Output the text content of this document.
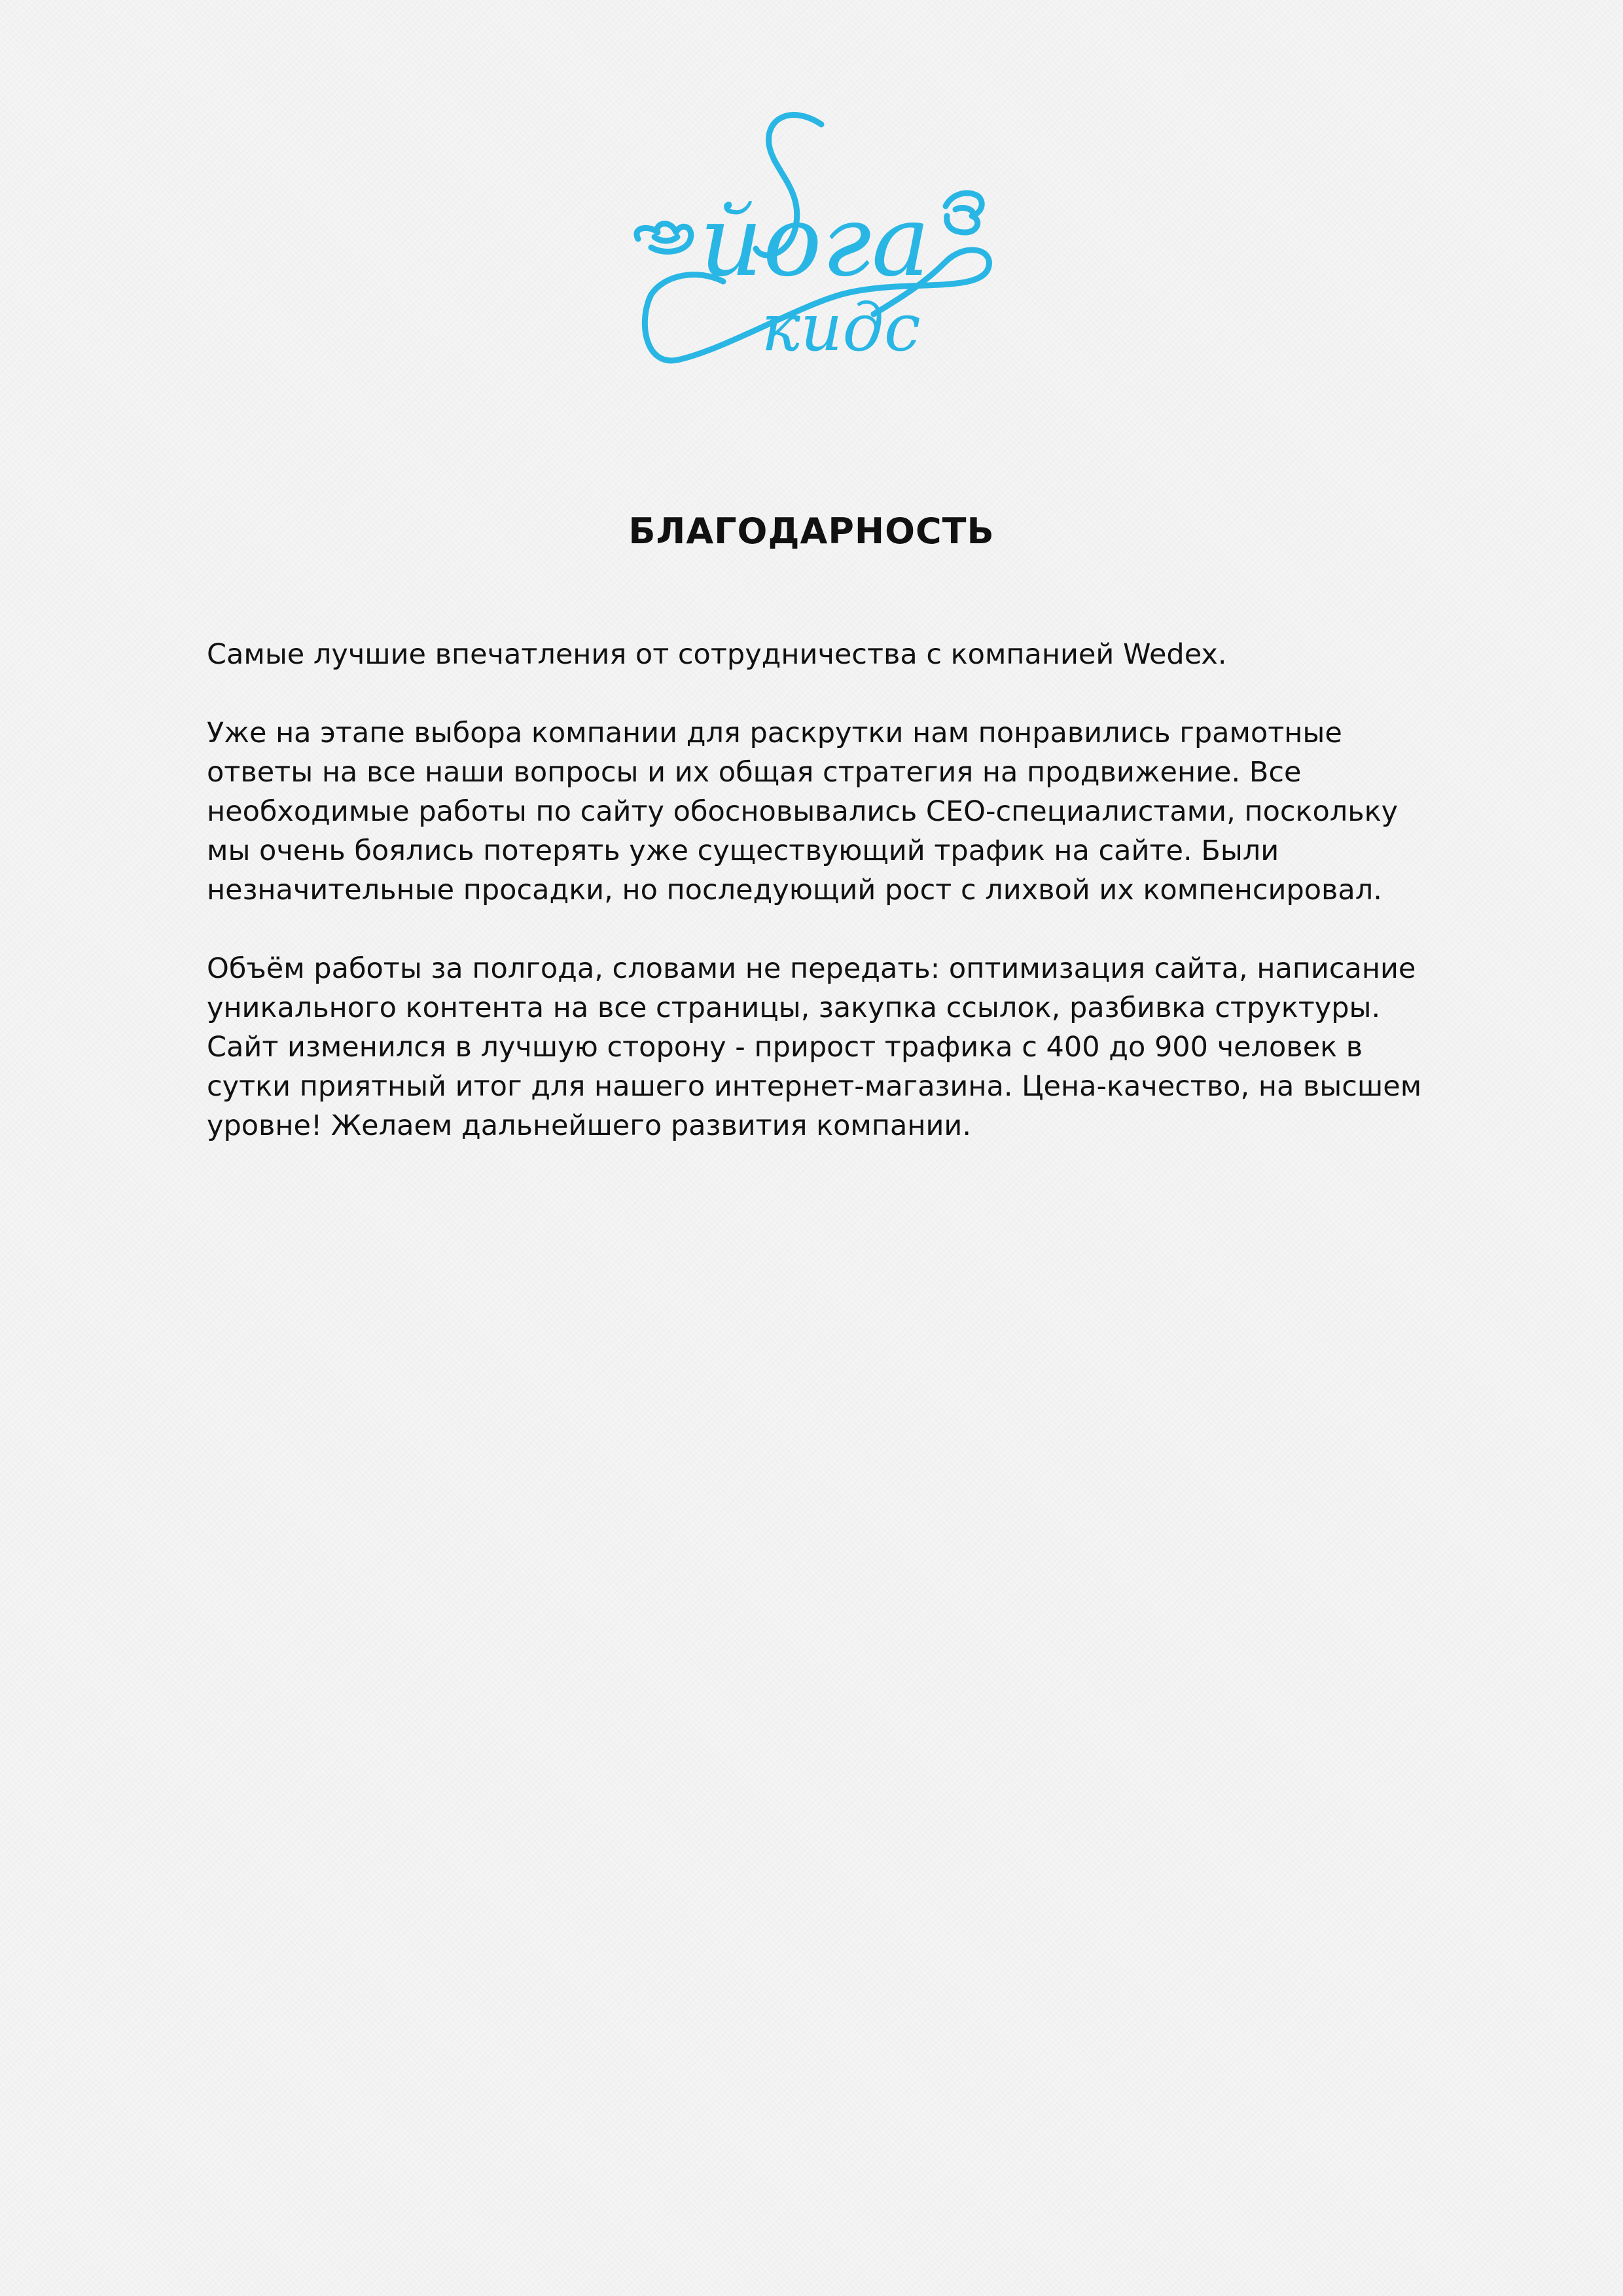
йога
кидс
БЛАГОДАРНОСТЬ

Самые лучшие впечатления от сотрудничества с компанией Wedex.

Уже на этапе выбора компании для раскрутки нам понравились грамотные ответы на все наши вопросы и их общая стратегия на продвижение. Все необходимые работы по сайту обосновывались СЕО-специалистами, поскольку мы очень боялись потерять уже существующий трафик на сайте. Были незначительные просадки, но последующий рост с лихвой их компенсировал.

Объём работы за полгода, словами не передать: оптимизация сайта, написание уникального контента на все страницы, закупка ссылок, разбивка структуры. Сайт изменился в лучшую сторону - прирост трафика с 400 до 900 человек в сутки приятный итог для нашего интернет-магазина. Цена-качество, на высшем уровне! Желаем дальнейшего развития компании.
